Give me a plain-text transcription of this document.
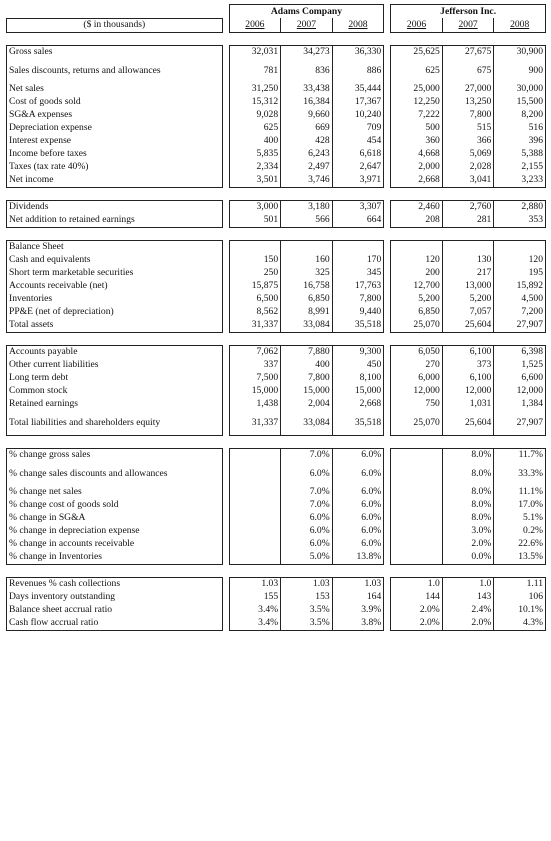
		Adams Company				Jefferson Inc.		
($ in thousands)		2006	2007	2008		2006	2007	2008

Gross sales		32,031	34,273	36,330		25,625	27,675	30,900
Sales discounts, returns and allowances		781	836	886		625	675	900
Net sales		31,250	33,438	35,444		25,000	27,000	30,000
Cost of goods sold		15,312	16,384	17,367		12,250	13,250	15,500
SG&A expenses		9,028	9,660	10,240		7,222	7,800	8,200
Depreciation expense		625	669	709		500	515	516
Interest expense		400	428	454		360	366	396
Income before taxes		5,835	6,243	6,618		4,668	5,069	5,388
Taxes (tax rate 40%)		2,334	2,497	2,647		2,000	2,028	2,155
Net income		3,501	3,746	3,971		2,668	3,041	3,233

Dividends		3,000	3,180	3,307		2,460	2,760	2,880
Net addition to retained earnings		501	566	664		208	281	353

Balance Sheet								
Cash and equivalents		150	160	170		120	130	120
Short term marketable securities		250	325	345		200	217	195
Accounts receivable (net)		15,875	16,758	17,763		12,700	13,000	15,892
Inventories		6,500	6,850	7,800		5,200	5,200	4,500
PP&E (net of depreciation)		8,562	8,991	9,440		6,850	7,057	7,200
Total assets		31,337	33,084	35,518		25,070	25,604	27,907

Accounts payable		7,062	7,880	9,300		6,050	6,100	6,398
Other current liabilities		337	400	450		270	373	1,525
Long term debt		7,500	7,800	8,100		6,000	6,100	6,600
Common stock		15,000	15,000	15,000		12,000	12,000	12,000
Retained earnings		1,438	2,004	2,668		750	1,031	1,384
Total liabilities and shareholders equity		31,337	33,084	35,518		25,070	25,604	27,907

% change gross sales			7.0%	6.0%			8.0%	11.7%
% change sales discounts and allowances			6.0%	6.0%			8.0%	33.3%
% change net sales			7.0%	6.0%			8.0%	11.1%
% change cost of goods sold			7.0%	6.0%			8.0%	17.0%
% change in SG&A			6.0%	6.0%			8.0%	5.1%
% change in depreciation expense			6.0%	6.0%			3.0%	0.2%
% change in accounts receivable			6.0%	6.0%			2.0%	22.6%
% change in Inventories			5.0%	13.8%			0.0%	13.5%

Revenues % cash collections		1.03	1.03	1.03		1.0	1.0	1.11
Days inventory outstanding		155	153	164		144	143	106
Balance sheet accrual ratio		3.4%	3.5%	3.9%		2.0%	2.4%	10.1%
Cash flow accrual ratio		3.4%	3.5%	3.8%		2.0%	2.0%	4.3%
